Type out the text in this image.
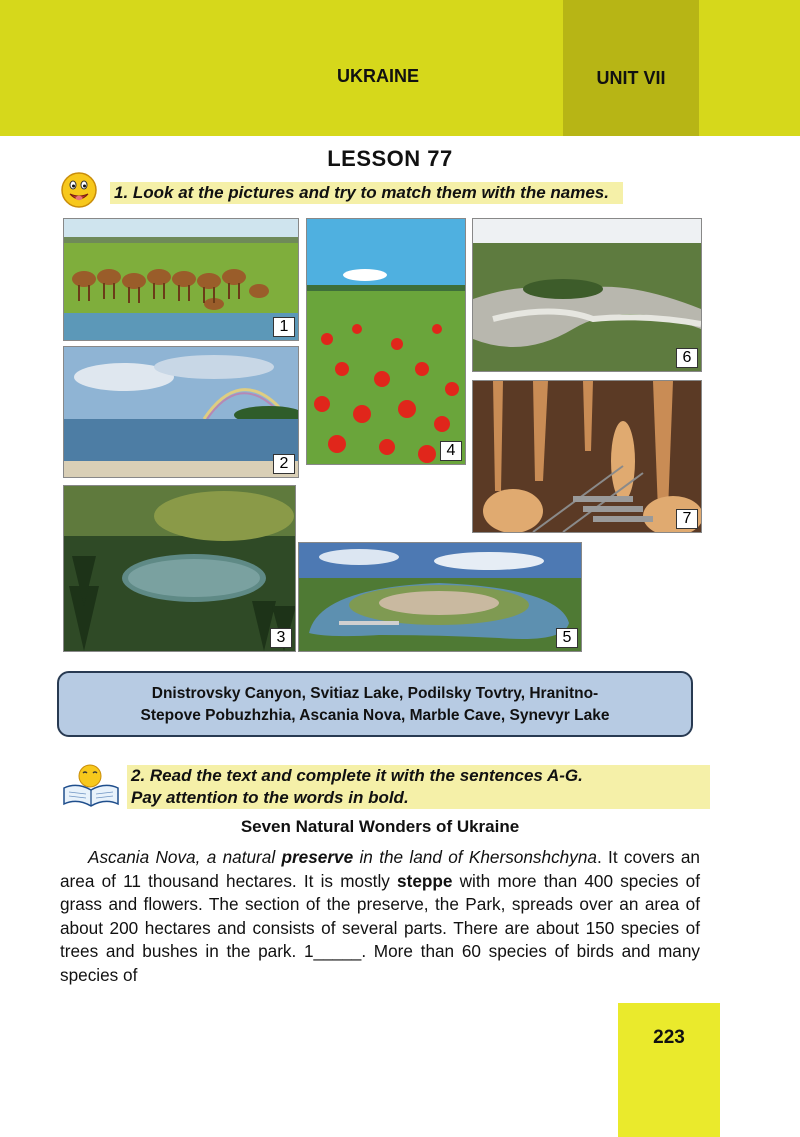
UKRAINE	UNIT VII
LESSON 77
1. Look at the pictures and try to match them with the names.
1
2
3
4
5
6
7
Dnistrovsky Canyon, Svitiaz Lake, Podilsky Tovtry, Hranitno-
Stepove Pobuzhzhia, Ascania Nova, Marble Cave, Synevyr Lake
2. Read the text and complete it with the sentences A-G.
Pay attention to the words in bold.
Seven Natural Wonders of Ukraine
Ascania Nova, a natural preserve in the land of Khersonshchyna. It covers an area of 11 thousand hectares. It is mostly steppe with more than 400 species of grass and flowers. The section of the preserve, the Park, spreads over an area of about 200 hectares and consists of several parts. There are about 150 species of trees and bushes in the park. 1_____. More than 60 species of birds and many species of
223
